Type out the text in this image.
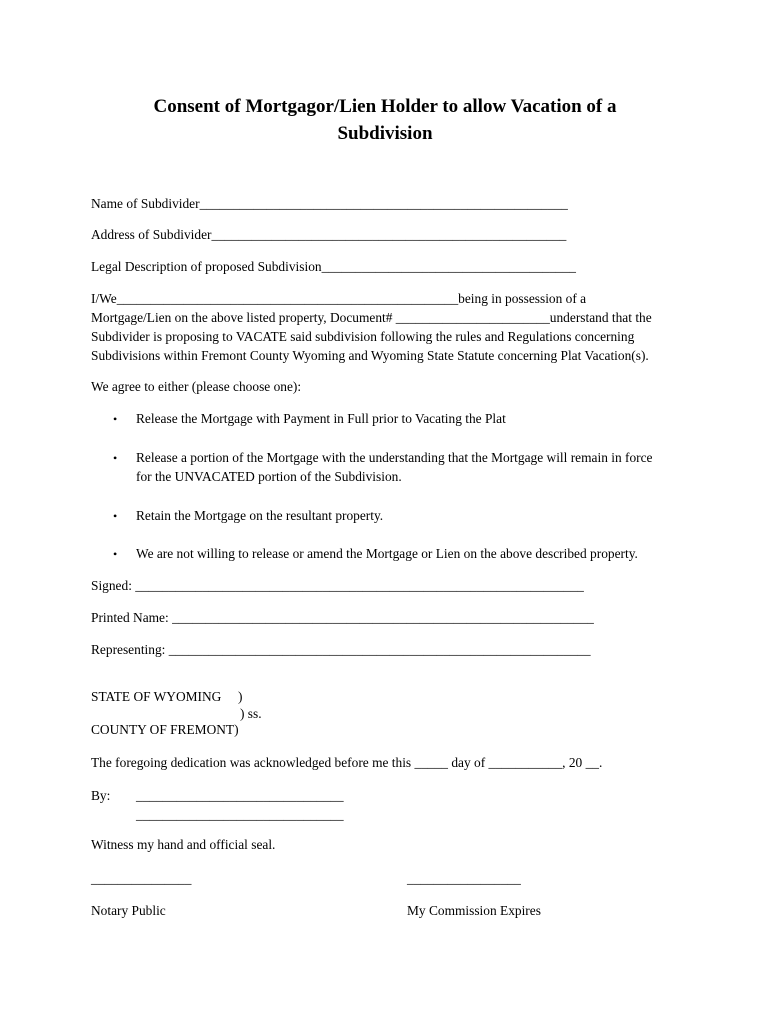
Consent of Mortgagor/Lien Holder to allow Vacation of a
Subdivision
Name of Subdivider_______________________________________________________
Address of Subdivider_____________________________________________________
Legal Description of proposed Subdivision______________________________________
I/We___________________________________________________being in possession of a
Mortgage/Lien on the above listed property, Document# _______________________understand that the
Subdivider is proposing to VACATE said subdivision following the rules and Regulations concerning
Subdivisions within Fremont County Wyoming and Wyoming State Statute concerning Plat Vacation(s).
We agree to either (please choose one):
• Release the Mortgage with Payment in Full prior to Vacating the Plat
• Release a portion of the Mortgage with the understanding that the Mortgage will remain in force
for the UNVACATED portion of the Subdivision.
• Retain the Mortgage on the resultant property.
• We are not willing to release or amend the Mortgage or Lien on the above described property.
Signed: ___________________________________________________________________
Printed Name: _______________________________________________________________
Representing: _______________________________________________________________
STATE OF WYOMING )
) ss.
COUNTY OF FREMONT)
The foregoing dedication was acknowledged before me this _____ day of ___________, 20 __.
By: _______________________________
_______________________________
Witness my hand and official seal.
_______________	_________________
Notary Public	My Commission Expires
